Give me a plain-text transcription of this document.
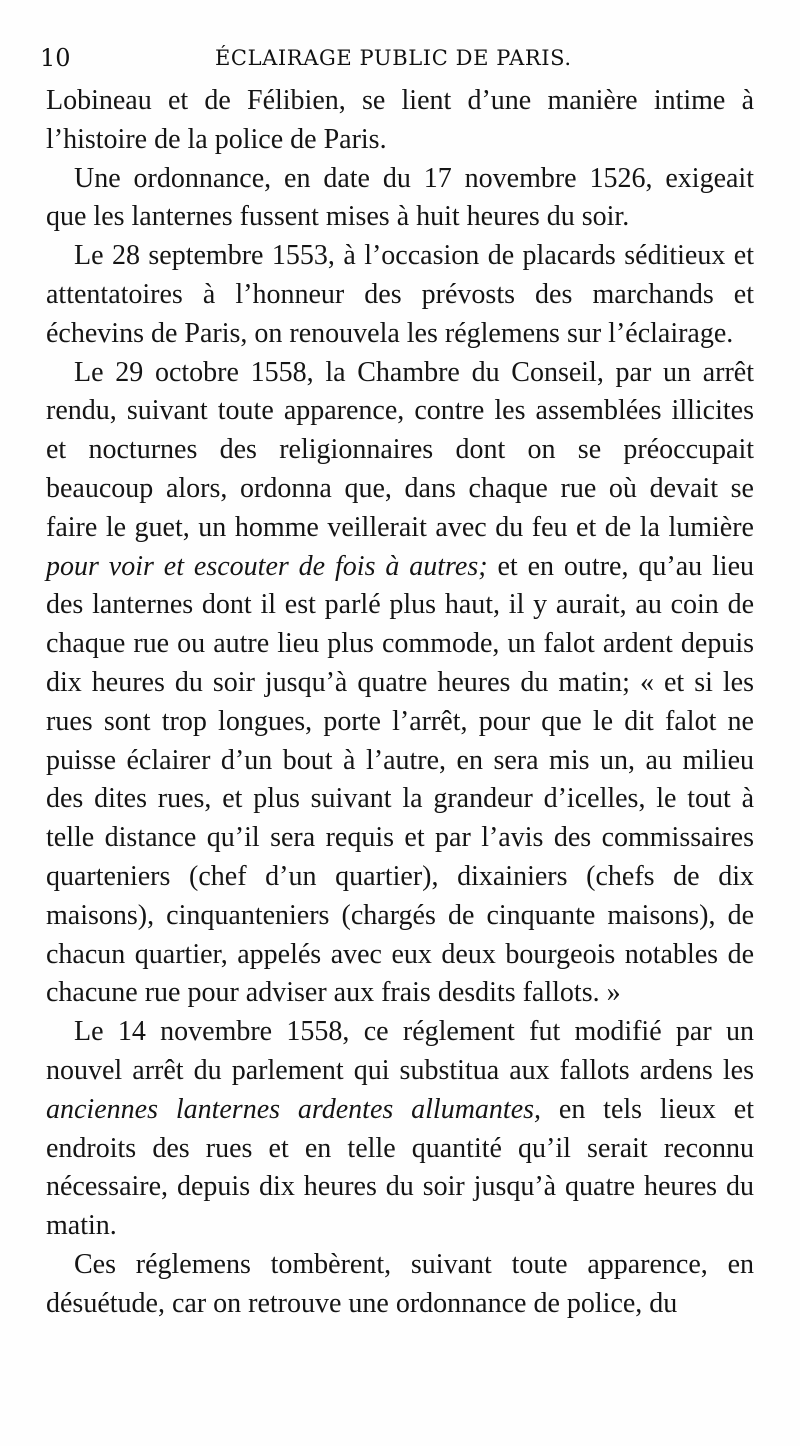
10	ÉCLAIRAGE PUBLIC DE PARIS.

Lobineau et de Félibien, se lient d’une manière intime à l’histoire de la police de Paris.

Une ordonnance, en date du 17 novembre 1526, exigeait que les lanternes fussent mises à huit heures du soir.

Le 28 septembre 1553, à l’occasion de placards séditieux et attentatoires à l’honneur des prévosts des marchands et échevins de Paris, on renouvela les réglemens sur l’éclairage.

Le 29 octobre 1558, la Chambre du Conseil, par un arrêt rendu, suivant toute apparence, contre les assemblées illicites et nocturnes des religionnaires dont on se préoccupait beaucoup alors, ordonna que, dans chaque rue où devait se faire le guet, un homme veillerait avec du feu et de la lumière pour voir et escouter de fois à autres; et en outre, qu’au lieu des lanternes dont il est parlé plus haut, il y aurait, au coin de chaque rue ou autre lieu plus commode, un falot ardent depuis dix heures du soir jusqu’à quatre heures du matin; « et si les rues sont trop longues, porte l’arrêt, pour que le dit falot ne puisse éclairer d’un bout à l’autre, en sera mis un, au milieu des dites rues, et plus suivant la grandeur d’icelles, le tout à telle distance qu’il sera requis et par l’avis des commissaires quarteniers (chef d’un quartier), dixainiers (chefs de dix maisons), cinquanteniers (chargés de cinquante maisons), de chacun quartier, appelés avec eux deux bourgeois notables de chacune rue pour adviser aux frais desdits fallots. »

Le 14 novembre 1558, ce réglement fut modifié par un nouvel arrêt du parlement qui substitua aux fallots ardens les anciennes lanternes ardentes allumantes, en tels lieux et endroits des rues et en telle quantité qu’il serait reconnu nécessaire, depuis dix heures du soir jusqu’à quatre heures du matin.

Ces réglemens tombèrent, suivant toute apparence, en désuétude, car on retrouve une ordonnance de police, du
